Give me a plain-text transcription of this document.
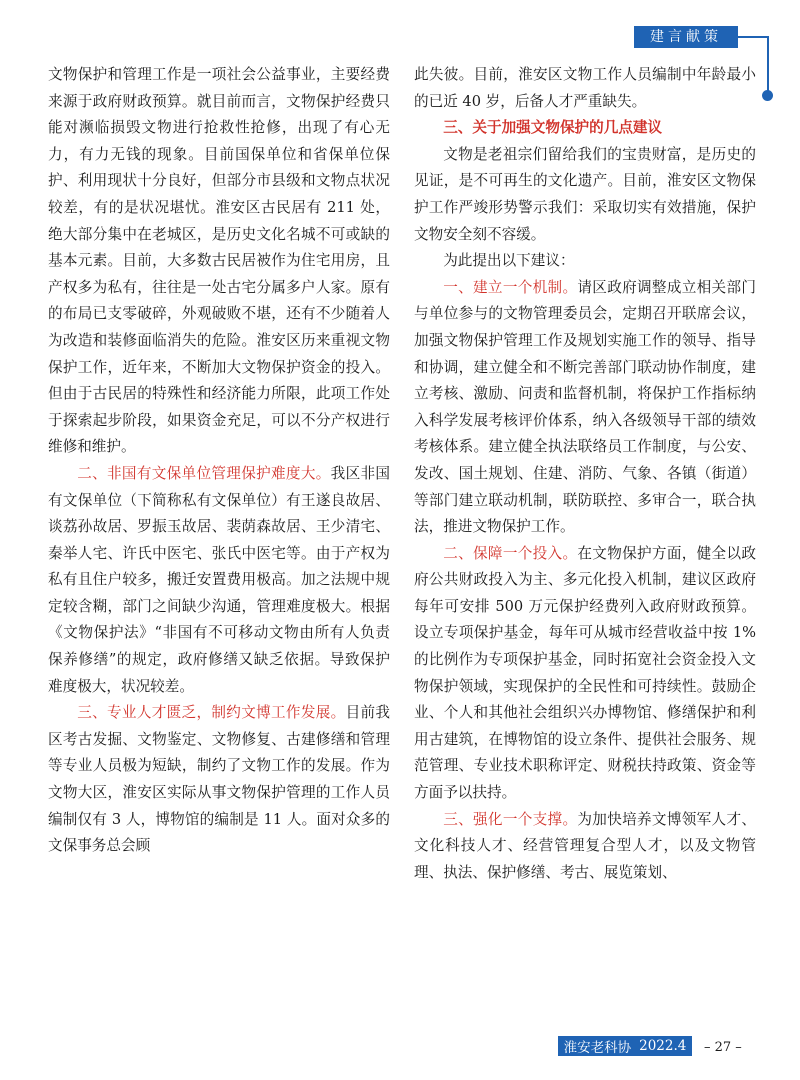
建言献策

文物保护和管理工作是一项社会公益事业，主要经费来源于政府财政预算。就目前而言，文物保护经费只能对濒临损毁文物进行抢救性抢修，出现了有心无力，有力无钱的现象。目前国保单位和省保单位保护、利用现状十分良好，但部分市县级和文物点状况较差，有的是状况堪忧。淮安区古民居有 211 处，绝大部分集中在老城区，是历史文化名城不可或缺的基本元素。目前，大多数古民居被作为住宅用房，且产权多为私有，往往是一处古宅分属多户人家。原有的布局已支零破碎，外观破败不堪，还有不少随着人为改造和装修面临消失的危险。淮安区历来重视文物保护工作，近年来，不断加大文物保护资金的投入。但由于古民居的特殊性和经济能力所限，此项工作处于探索起步阶段，如果资金充足，可以不分产权进行维修和维护。

二、非国有文保单位管理保护难度大。我区非国有文保单位（下简称私有文保单位）有王遂良故居、谈荔孙故居、罗振玉故居、裴荫森故居、王少清宅、秦举人宅、许氏中医宅、张氏中医宅等。由于产权为私有且住户较多，搬迁安置费用极高。加之法规中规定较含糊，部门之间缺少沟通，管理难度极大。根据《文物保护法》“非国有不可移动文物由所有人负责保养修缮”的规定，政府修缮又缺乏依据。导致保护难度极大，状况较差。

三、专业人才匮乏，制约文博工作发展。目前我区考古发掘、文物鉴定、文物修复、古建修缮和管理等专业人员极为短缺，制约了文物工作的发展。作为文物大区，淮安区实际从事文物保护管理的工作人员编制仅有 3 人，博物馆的编制是 11 人。面对众多的文保事务总会顾

此失彼。目前，淮安区文物工作人员编制中年龄最小的已近 40 岁，后备人才严重缺失。

三、关于加强文物保护的几点建议

文物是老祖宗们留给我们的宝贵财富，是历史的见证，是不可再生的文化遗产。目前，淮安区文物保护工作严竣形势警示我们：采取切实有效措施，保护文物安全刻不容缓。

为此提出以下建议：

一、建立一个机制。请区政府调整成立相关部门与单位参与的文物管理委员会，定期召开联席会议，加强文物保护管理工作及规划实施工作的领导、指导和协调，建立健全和不断完善部门联动协作制度，建立考核、激励、问责和监督机制，将保护工作指标纳入科学发展考核评价体系，纳入各级领导干部的绩效考核体系。建立健全执法联络员工作制度，与公安、发改、国土规划、住建、消防、气象、各镇（街道）等部门建立联动机制，联防联控、多审合一，联合执法，推进文物保护工作。

二、保障一个投入。在文物保护方面，健全以政府公共财政投入为主、多元化投入机制，建议区政府每年可安排 500 万元保护经费列入政府财政预算。设立专项保护基金，每年可从城市经营收益中按 1%的比例作为专项保护基金，同时拓宽社会资金投入文物保护领域，实现保护的全民性和可持续性。鼓励企业、个人和其他社会组织兴办博物馆、修缮保护和利用古建筑，在博物馆的设立条件、提供社会服务、规范管理、专业技术职称评定、财税扶持政策、资金等方面予以扶持。

三、强化一个支撑。为加快培养文博领军人才、文化科技人才、经营管理复合型人才，以及文物管理、执法、保护修缮、考古、展览策划、

淮安老科协 2022.4 – 27 –
